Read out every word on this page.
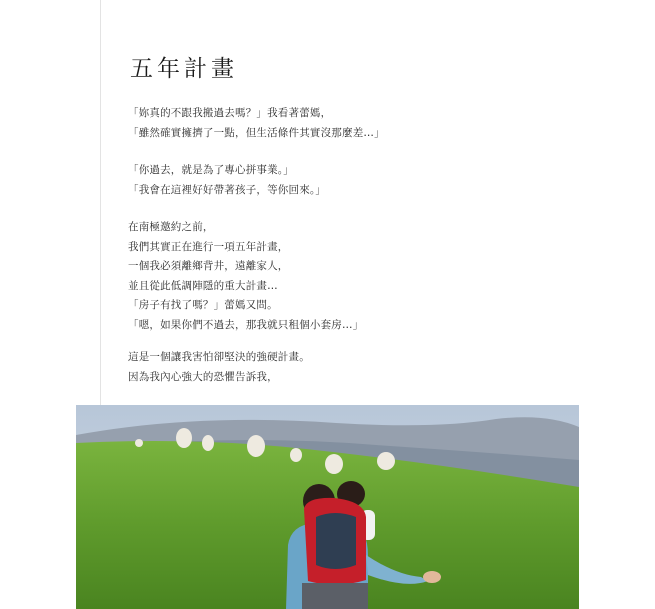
五年計畫

「妳真的不跟我搬過去嗎？」我看著蕾媽，
「雖然確實擁擠了一點，但生活條件其實沒那麼差…」

「你過去，就是為了專心拼事業。」
「我會在這裡好好帶著孩子，等你回來。」

在南極邀約之前，
我們其實正在進行一項五年計畫，
一個我必須離鄉背井，遠離家人，
並且從此低調陣隱的重大計畫…
「房子有找了嗎？」蕾媽又問。
「嗯，如果你們不過去，那我就只租個小套房…」

這是一個讓我害怕卻堅決的強硬計畫。
因為我內心強大的恐懼告訴我，
